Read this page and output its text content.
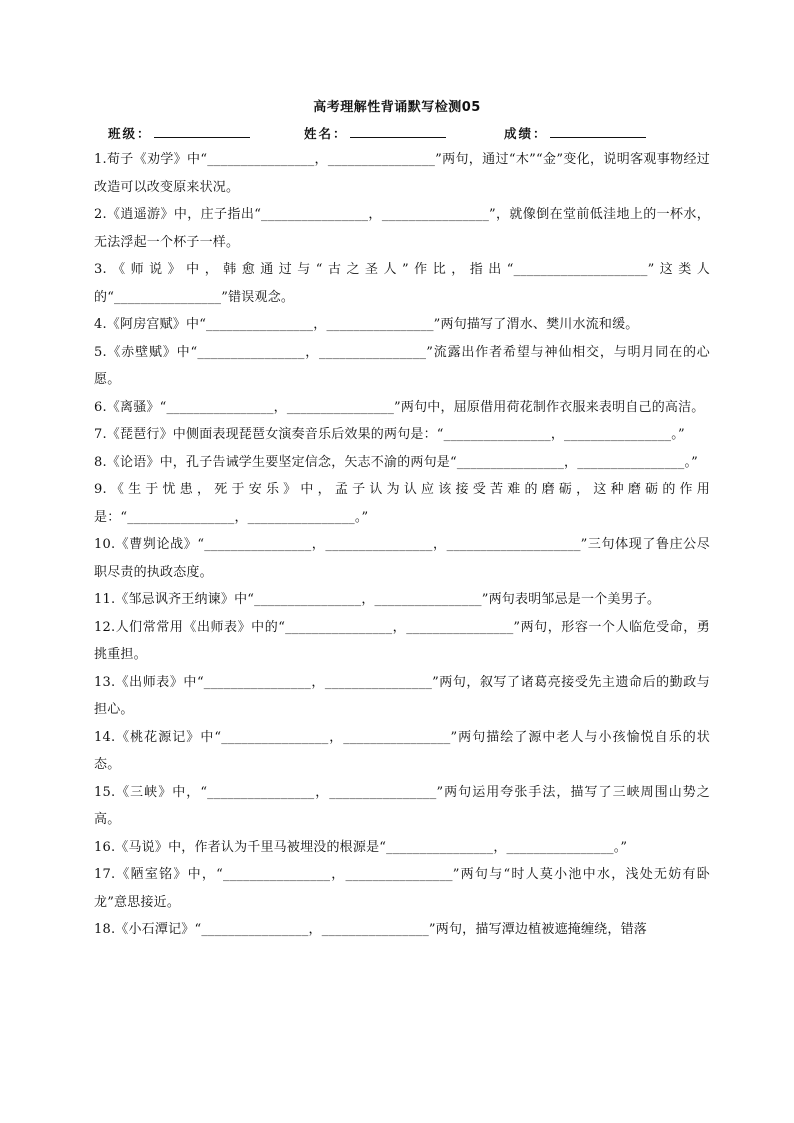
高考理解性背诵默写检测05
班级：	姓名：	成绩：

1.荀子《劝学》中“________________，________________”两句，通过“木”“金”变化，说明客观事物经过改造可以改变原来状况。

2.《逍遥游》中，庄子指出“________________，________________”，就像倒在堂前低洼地上的一杯水，无法浮起一个杯子一样。

3.《师说》中，韩愈通过与“古之圣人”作比，指出“____________________”这类人的“________________”错误观念。

4.《阿房宫赋》中“________________，________________”两句描写了渭水、樊川水流和缓。

5.《赤壁赋》中“________________，________________”流露出作者希望与神仙相交，与明月同在的心愿。

6.《离骚》“________________，________________”两句中，屈原借用荷花制作衣服来表明自己的高洁。

7.《琵琶行》中侧面表现琵琶女演奏音乐后效果的两句是：“________________，________________。”

8.《论语》中，孔子告诫学生要坚定信念，矢志不渝的两句是“________________，________________。”

9.《生于忧患，死于安乐》中，孟子认为认应该接受苦难的磨砺，这种磨砺的作用是：“________________，________________。”

10.《曹刿论战》“________________，________________，____________________”三句体现了鲁庄公尽职尽责的执政态度。

11.《邹忌讽齐王纳谏》中“________________，________________”两句表明邹忌是一个美男子。

12.人们常常用《出师表》中的“________________，________________”两句，形容一个人临危受命，勇挑重担。

13.《出师表》中“________________，________________”两句，叙写了诸葛亮接受先主遗命后的勤政与担心。

14.《桃花源记》中“________________，________________”两句描绘了源中老人与小孩愉悦自乐的状态。

15.《三峡》中，“________________，________________”两句运用夸张手法，描写了三峡周围山势之高。

16.《马说》中，作者认为千里马被埋没的根源是“________________，________________。”

17.《陋室铭》中，“________________，________________”两句与“时人莫小池中水，浅处无妨有卧龙”意思接近。

18.《小石潭记》“________________，________________”两句，描写潭边植被遮掩缠绕，错落
